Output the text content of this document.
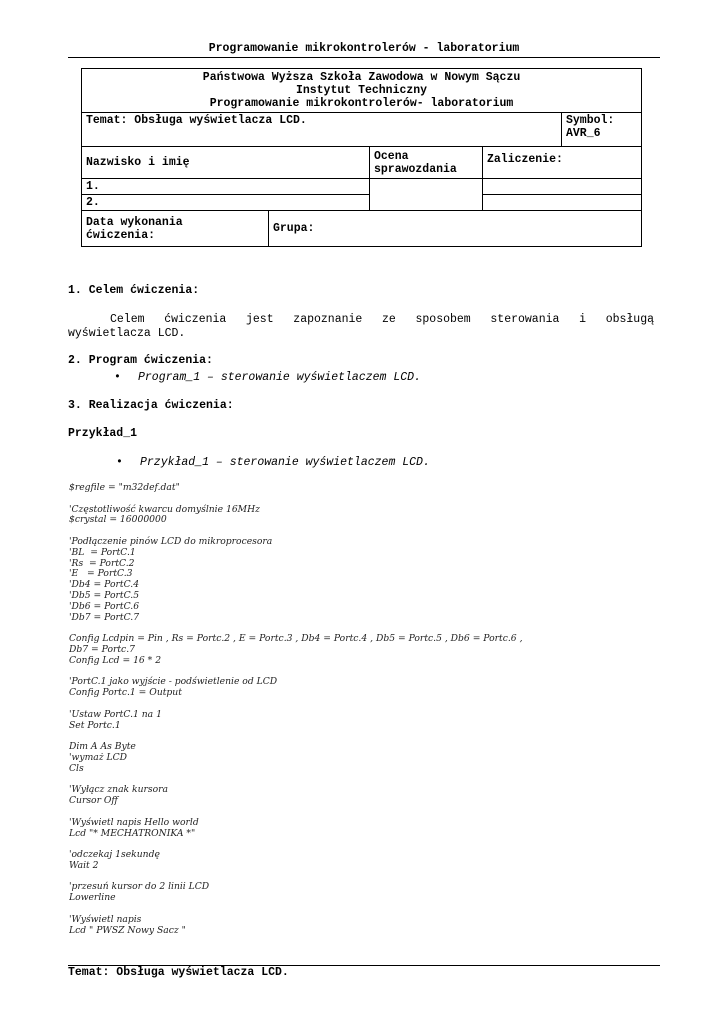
Programowanie mikrokontrolerów - laboratorium
Państwowa Wyższa Szkoła Zawodowa w Nowym Sączu
Instytut Techniczny
Programowanie mikrokontrolerów- laboratorium				

Temat: Obsługa wyświetlacza LCD.				Symbol:
AVR_6

Nazwisko i imię		Ocena
sprawozdania	Zaliczenie:	
1.				
2.				

Data wykonania
ćwiczenia:	Grupa:			
1. Celem ćwiczenia:
Celem ćwiczenia jest zapoznanie ze sposobem sterowania i obsługą
wyświetlacza LCD.
2. Program ćwiczenia:
• Program_1 – sterowanie wyświetlaczem LCD.
3. Realizacja ćwiczenia:
Przykład_1
• Przykład_1 – sterowanie wyświetlaczem LCD.
$regfile = "m32def.dat"

'Częstotliwość kwarcu domyślnie 16MHz
$crystal = 16000000

'Podłączenie pinów LCD do mikroprocesora
'BL  = PortC.1
'Rs  = PortC.2
'E   = PortC.3
'Db4 = PortC.4
'Db5 = PortC.5
'Db6 = PortC.6
'Db7 = PortC.7

Config Lcdpin = Pin , Rs = Portc.2 , E = Portc.3 , Db4 = Portc.4 , Db5 = Portc.5 , Db6 = Portc.6 ,
Db7 = Portc.7
Config Lcd = 16 * 2

'PortC.1 jako wyjście - podświetlenie od LCD
Config Portc.1 = Output

'Ustaw PortC.1 na 1
Set Portc.1

Dim A As Byte
'wymaż LCD
Cls

'Wyłącz znak kursora
Cursor Off

'Wyświetl napis Hello world
Lcd "* MECHATRONIKA *"

'odczekaj 1sekundę
Wait 2

'przesuń kursor do 2 linii LCD
Lowerline

'Wyświetl napis
Lcd " PWSZ Nowy Sacz "
Temat: Obsługa wyświetlacza LCD.
